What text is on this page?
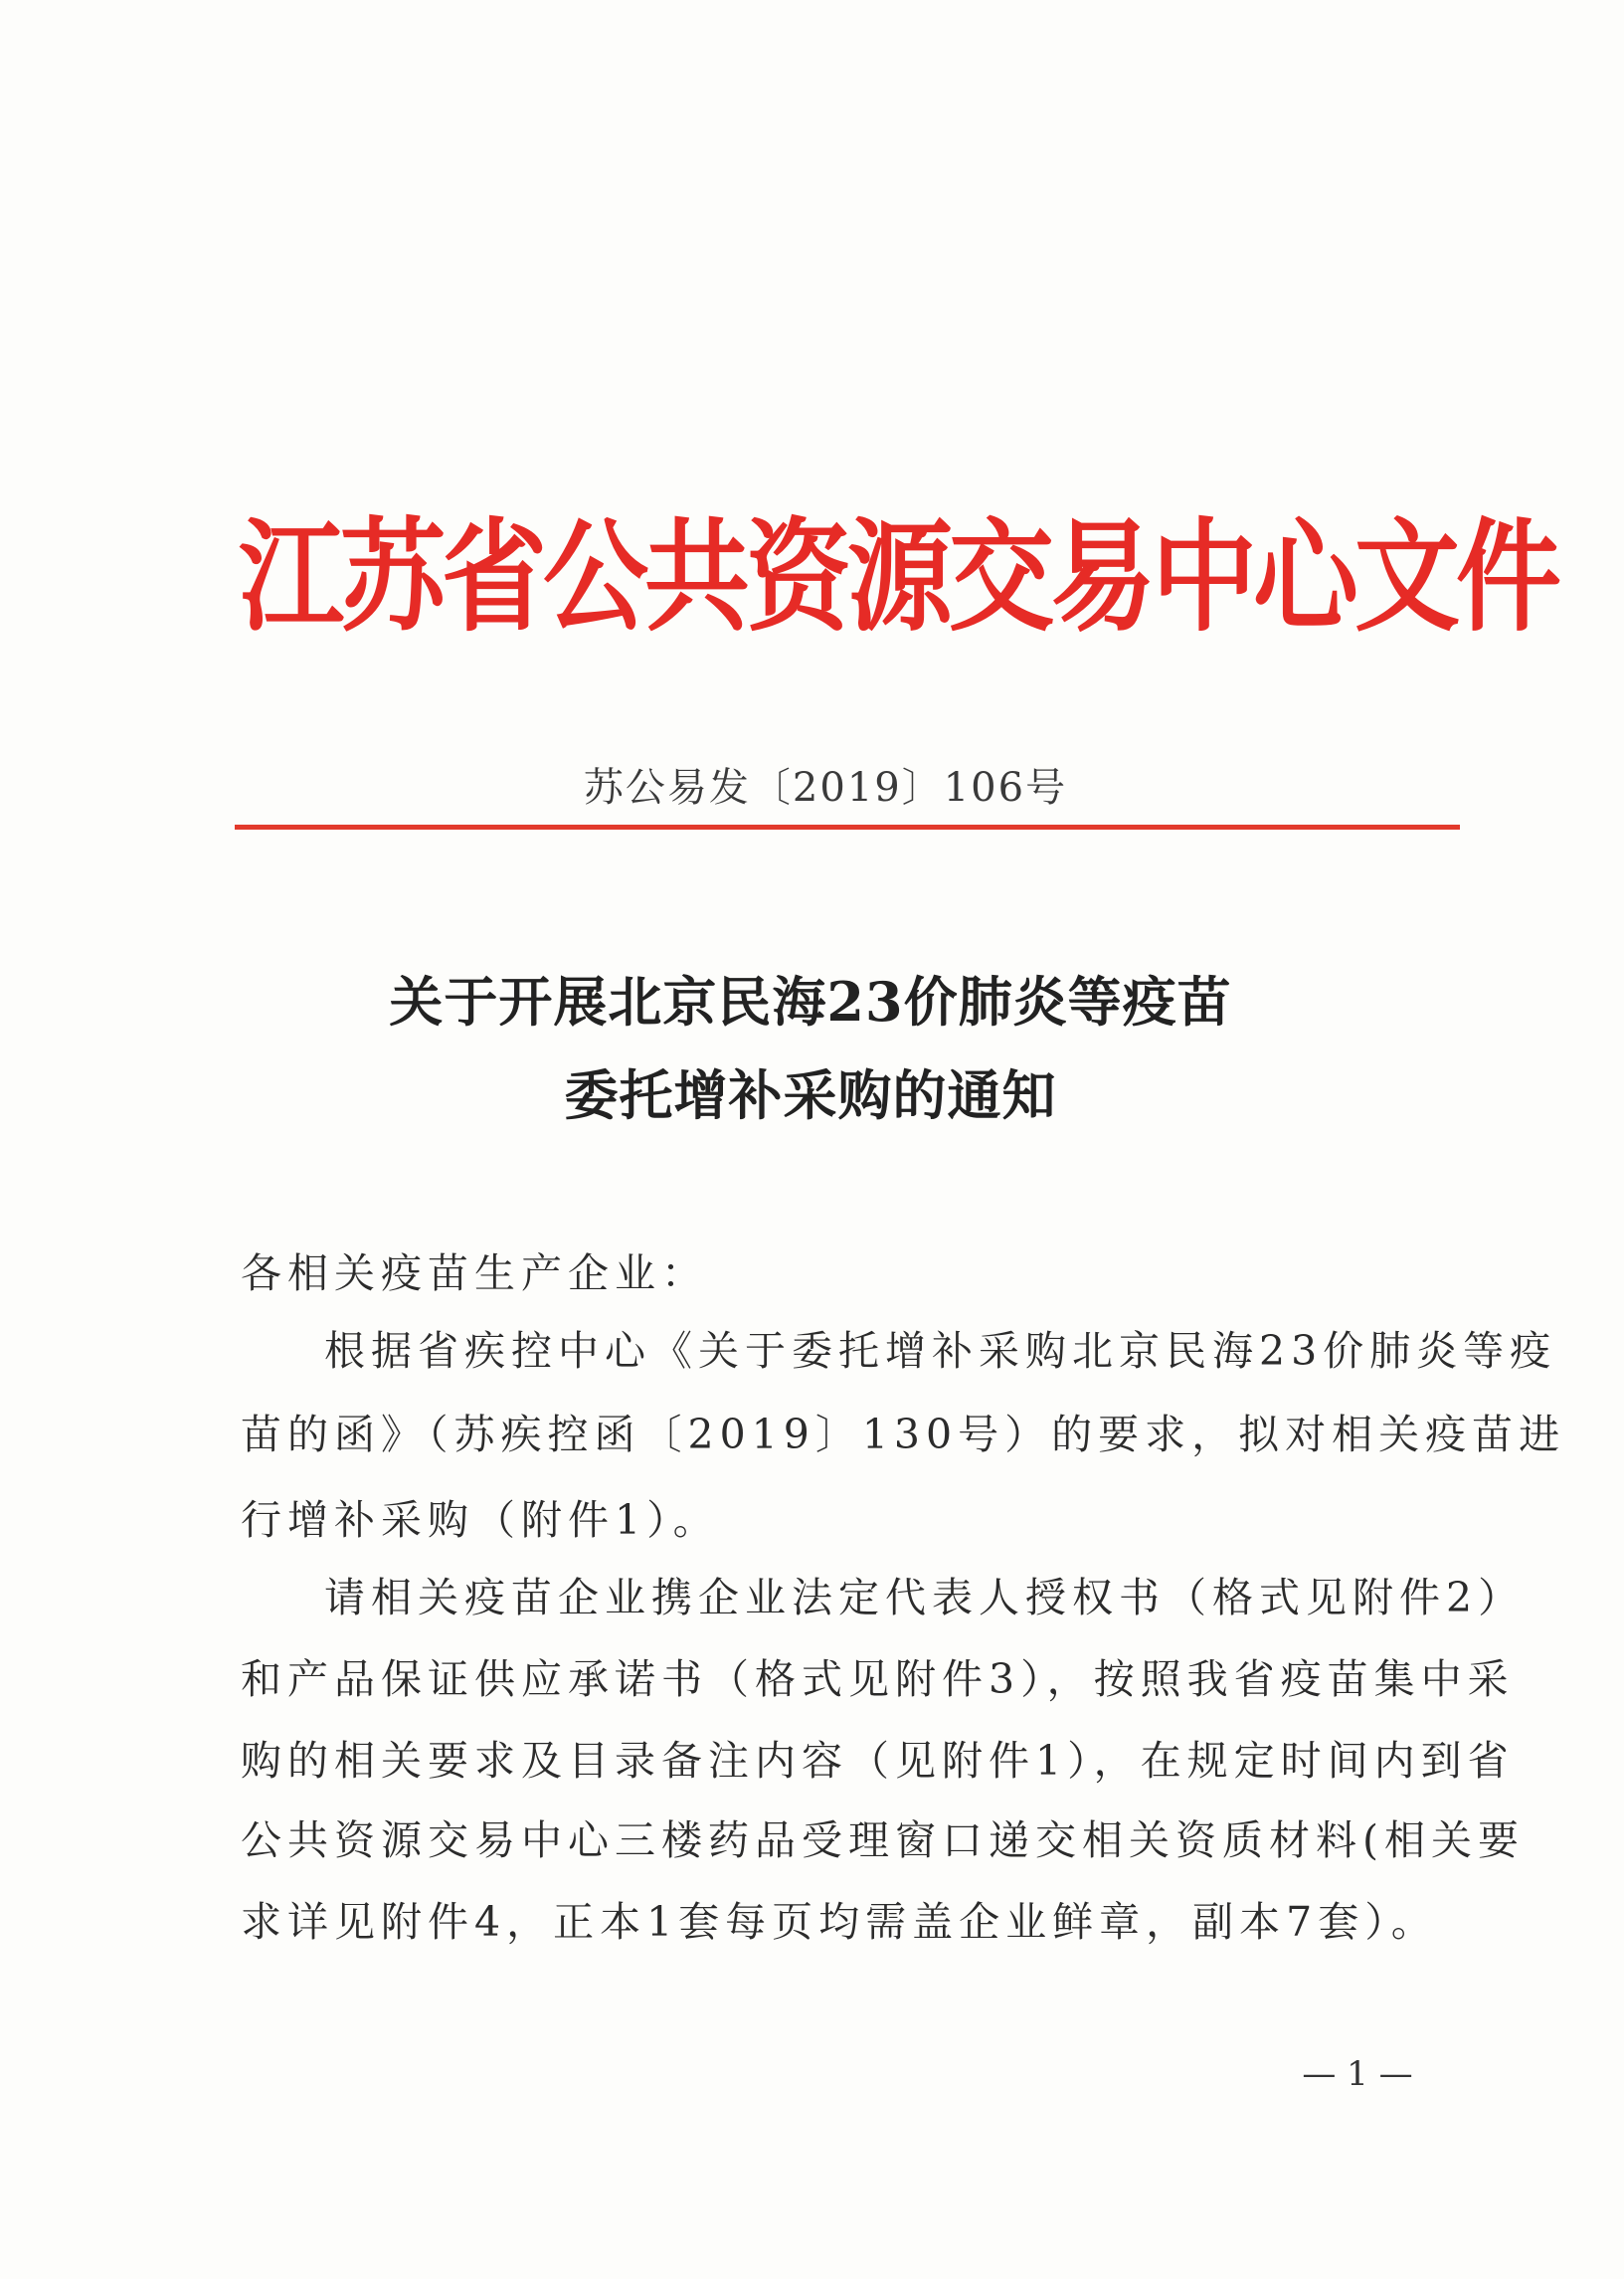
江苏省公共资源交易中心文件
苏公易发〔2019〕106号
关于开展北京民海23价肺炎等疫苗
委托增补采购的通知
各相关疫苗生产企业：
根据省疾控中心《关于委托增补采购北京民海23价肺炎等疫
苗的函》（苏疾控函〔2019〕130号）的要求，拟对相关疫苗进
行增补采购（附件1）。
请相关疫苗企业携企业法定代表人授权书（格式见附件2）
和产品保证供应承诺书（格式见附件3），按照我省疫苗集中采
购的相关要求及目录备注内容（见附件1），在规定时间内到省
公共资源交易中心三楼药品受理窗口递交相关资质材料(相关要
求详见附件4，正本1套每页均需盖企业鲜章，副本7套）。
— 1 —
